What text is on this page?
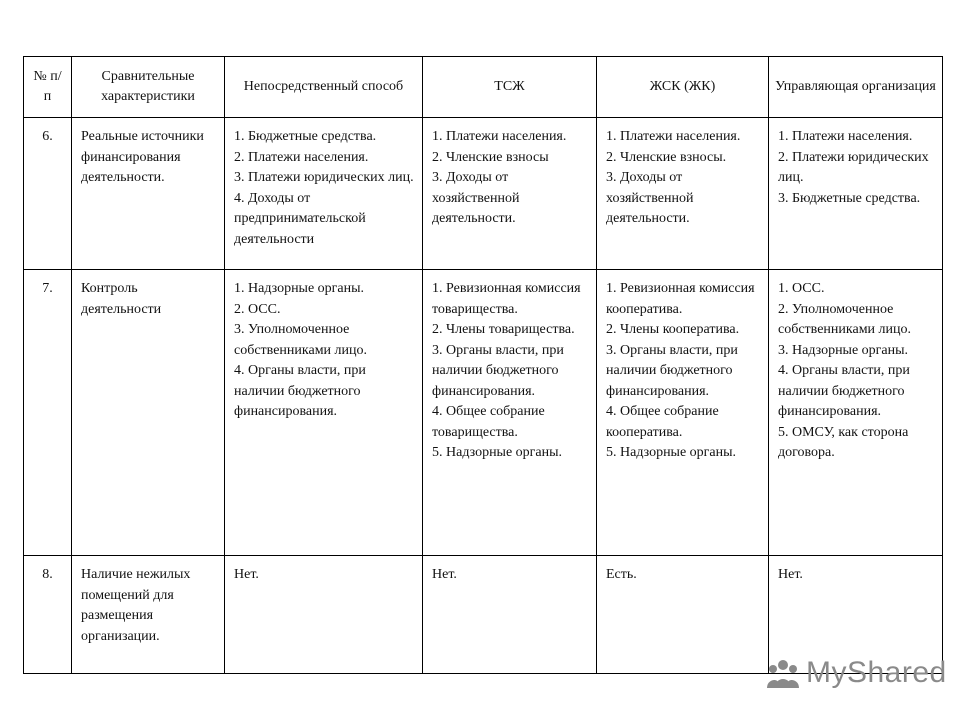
№ п/п	Сравнительные характеристики	Непосредственный способ	ТСЖ	ЖСК (ЖК)	Управляющая организация
6.	Реальные источники финансирования деятельности.	1. Бюджетные средства.
2. Платежи населения.
3. Платежи юридических лиц.
4. Доходы от предпринимательской деятельности	1. Платежи населения.
2. Членские взносы
3. Доходы от хозяйственной деятельности.	1. Платежи населения.
2. Членские взносы.
3. Доходы от хозяйственной деятельности.	1. Платежи населения.
2. Платежи юридических лиц.
3. Бюджетные средства.

7.	Контроль деятельности	1. Надзорные органы.
2. ОСС.
3. Уполномоченное собственниками лицо.
4. Органы власти, при наличии бюджетного финансирования.	1. Ревизионная комиссия товарищества.
2. Члены товарищества.
3. Органы власти, при наличии бюджетного финансирования.
4. Общее собрание товарищества.
5. Надзорные органы.	1. Ревизионная комиссия кооператива.
2. Члены кооператива.
3. Органы власти, при наличии бюджетного финансирования.
4. Общее собрание кооператива.
5. Надзорные органы.	1. ОСС.
2. Уполномоченное собственниками лицо.
3. Надзорные органы.
4. Органы власти, при наличии бюджетного финансирования.
5. ОМСУ, как сторона договора.

8.	Наличие нежилых помещений для размещения организации.	Нет.	Нет.	Есть.	Нет.
MyShared
